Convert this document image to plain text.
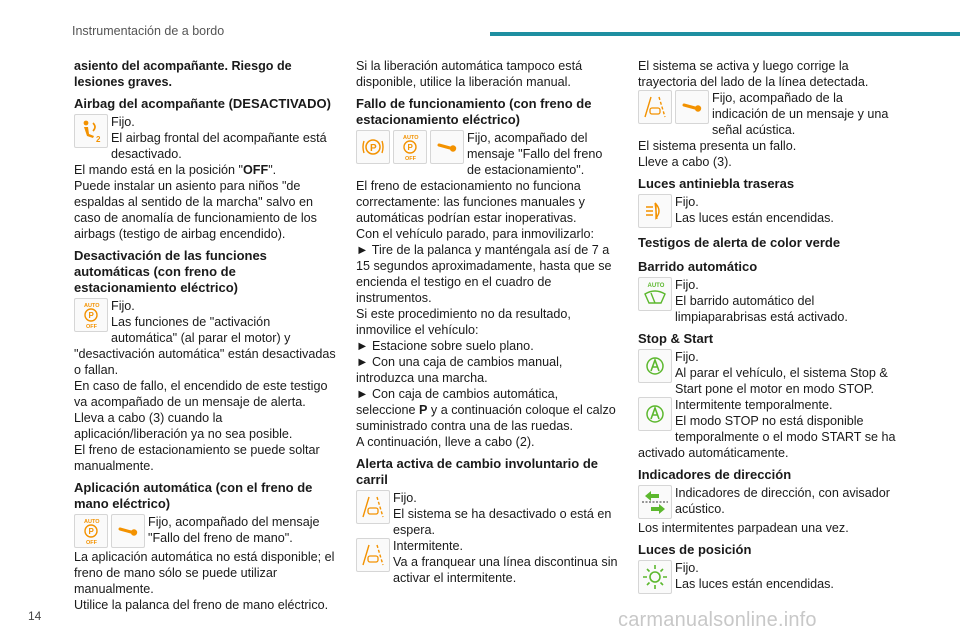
Instrumentación de a bordo

asiento del acompañante. Riesgo de lesiones graves.

Airbag del acompañante (DESACTIVADO)
2

Fijo.

El airbag frontal del acompañante está desactivado.

El mando está en la posición "OFF".

Puede instalar un asiento para niños "de espaldas al sentido de la marcha" salvo en caso de anomalía de funcionamiento de los airbags (testigo de airbag encendido).

Desactivación de las funciones automáticas (con freno de estacionamiento eléctrico)
AUTO
P
OFF

Fijo.

Las funciones de "activación automática" (al parar el motor) y "desactivación automática" están desactivadas o fallan.

En caso de fallo, el encendido de este testigo va acompañado de un mensaje de alerta.

Lleva a cabo (3) cuando la aplicación/liberación ya no sea posible.

El freno de estacionamiento se puede soltar manualmente.

Aplicación automática (con el freno de mano eléctrico)
AUTO
P
OFF

Fijo, acompañado del mensaje "Fallo del freno de mano".

La aplicación automática no está disponible; el freno de mano sólo se puede utilizar manualmente.

Utilice la palanca del freno de mano eléctrico.

Si la liberación automática tampoco está disponible, utilice la liberación manual.

Fallo de funcionamiento (con freno de estacionamiento eléctrico)
P
AUTO
P
OFF

Fijo, acompañado del mensaje "Fallo del freno de estacionamiento".

El freno de estacionamiento no funciona correctamente: las funciones manuales y automáticas podrían estar inoperativas.

Con el vehículo parado, para inmovilizarlo:

► Tire de la palanca y manténgala así de 7 a 15 segundos aproximadamente, hasta que se encienda el testigo en el cuadro de instrumentos.

Si este procedimiento no da resultado, inmovilice el vehículo:

► Estacione sobre suelo plano.

► Con una caja de cambios manual, introduzca una marcha.

► Con caja de cambios automática, seleccione P y a continuación coloque el calzo suministrado contra una de las ruedas.

A continuación, lleve a cabo (2).

Alerta activa de cambio involuntario de carril

Fijo.

El sistema se ha desactivado o está en espera.

Intermitente.

Va a franquear una línea discontinua sin activar el intermitente.

El sistema se activa y luego corrige la trayectoria del lado de la línea detectada.

Fijo, acompañado de la indicación de un mensaje y una señal acústica.

El sistema presenta un fallo.

Lleve a cabo (3).

Luces antiniebla traseras

Fijo.

Las luces están encendidas.

Testigos de alerta de color verde
Barrido automático
AUTO Fijo.

El barrido automático del limpiaparabrisas está activado.

Stop & Start

Fijo.

Al parar el vehículo, el sistema Stop & Start pone el motor en modo STOP.

Intermitente temporalmente.

El modo STOP no está disponible temporalmente o el modo START se ha activado automáticamente.

Indicadores de dirección

Indicadores de dirección, con avisador acústico.

Los intermitentes parpadean una vez.

Luces de posición

Fijo.

Las luces están encendidas.

14	carmanualsonline.info
